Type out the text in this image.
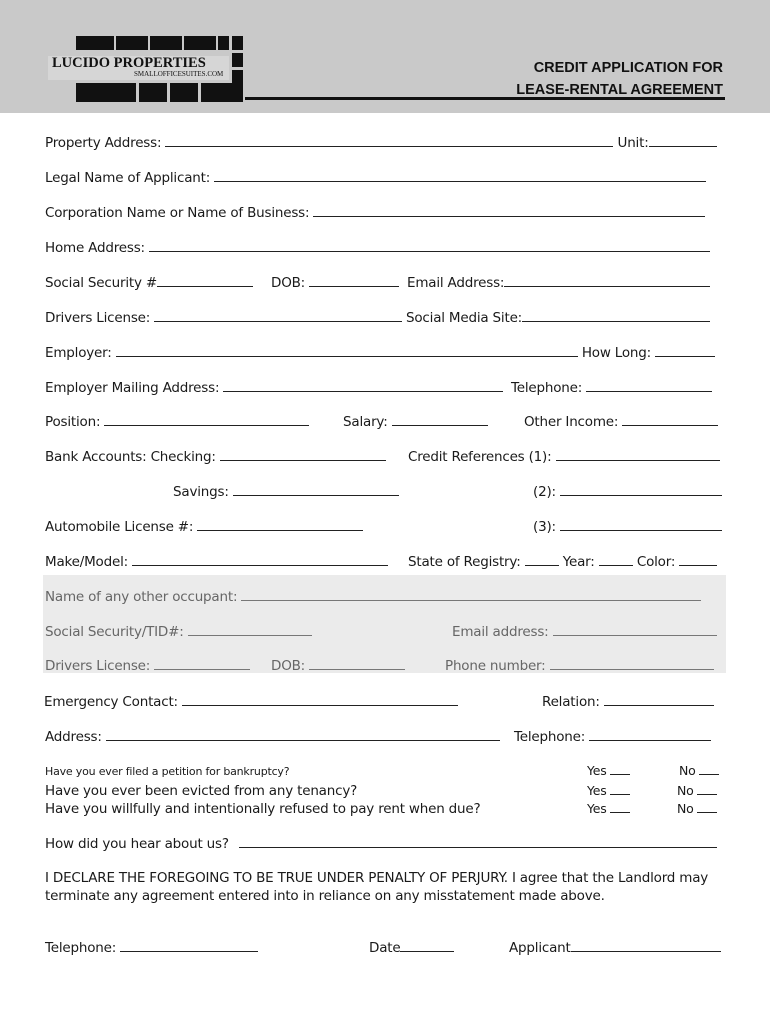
LUCIDO PROPERTIES
SMALLOFFICESUITES.COM	CREDIT APPLICATION FOR
LEASE-RENTAL AGREEMENT
Property Address:	Unit:
Legal Name of Applicant:
Corporation Name or Name of Business:
Home Address:
Social Security #	DOB:	Email Address:
Drivers License:	Social Media Site:
Employer:	How Long:
Employer Mailing Address:	Telephone:
Position:	Salary:	Other Income:
Bank Accounts: Checking:	Credit References (1):
Savings:	(2):
Automobile License #:	(3):
Make/Model:	State of Registry:	Year:	Color:
Name of any other occupant:
Social Security/TID#:	Email address:
Drivers License:	DOB:	Phone number:
Emergency Contact:	Relation:
Address:	Telephone:
Have you ever filed a petition for bankruptcy?	Yes	No
Have you ever been evicted from any tenancy?	Yes	No
Have you willfully and intentionally refused to pay rent when due?	Yes	No
How did you hear about us?
I DECLARE THE FOREGOING TO BE TRUE UNDER PENALTY OF PERJURY. I agree that the Landlord may
terminate any agreement entered into in reliance on any misstatement made above.
Telephone:	Date	Applicant
